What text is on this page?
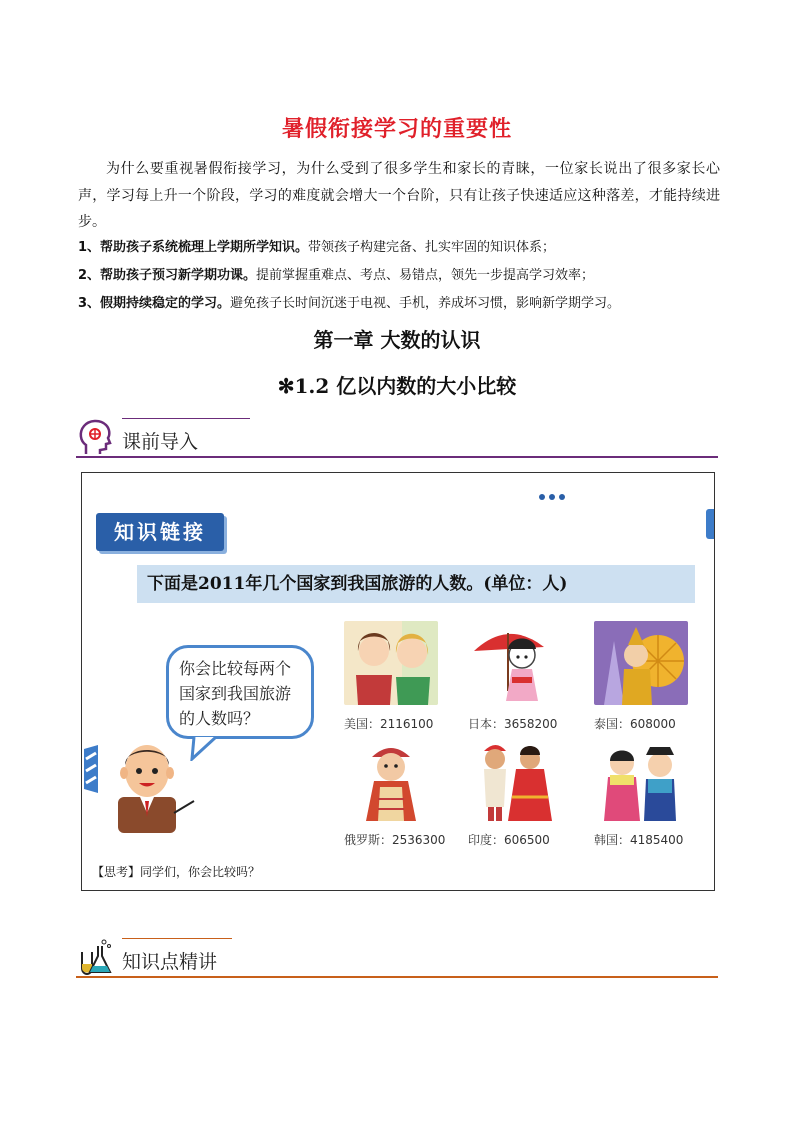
暑假衔接学习的重要性
为什么要重视暑假衔接学习，为什么受到了很多学生和家长的青睐，一位家长说出了很多家长心声，学习每上升一个阶段，学习的难度就会增大一个台阶，只有让孩子快速适应这种落差，才能持续进步。
1、帮助孩子系统梳理上学期所学知识。带领孩子构建完备、扎实牢固的知识体系；
2、帮助孩子预习新学期功课。提前掌握重难点、考点、易错点，领先一步提高学习效率；
3、假期持续稳定的学习。避免孩子长时间沉迷于电视、手机，养成坏习惯，影响新学期学习。
第一章 大数的认识
✻1.2 亿以内数的大小比较
课前导入
知识链接
下面是2011年几个国家到我国旅游的人数。(单位：人)
你会比较每两个国家到我国旅游的人数吗？	美国：2116100	日本：3658200	泰国：608000
俄罗斯：2536300 印度：606500	韩国：4185400
【思考】同学们，你会比较吗？
知识点精讲
